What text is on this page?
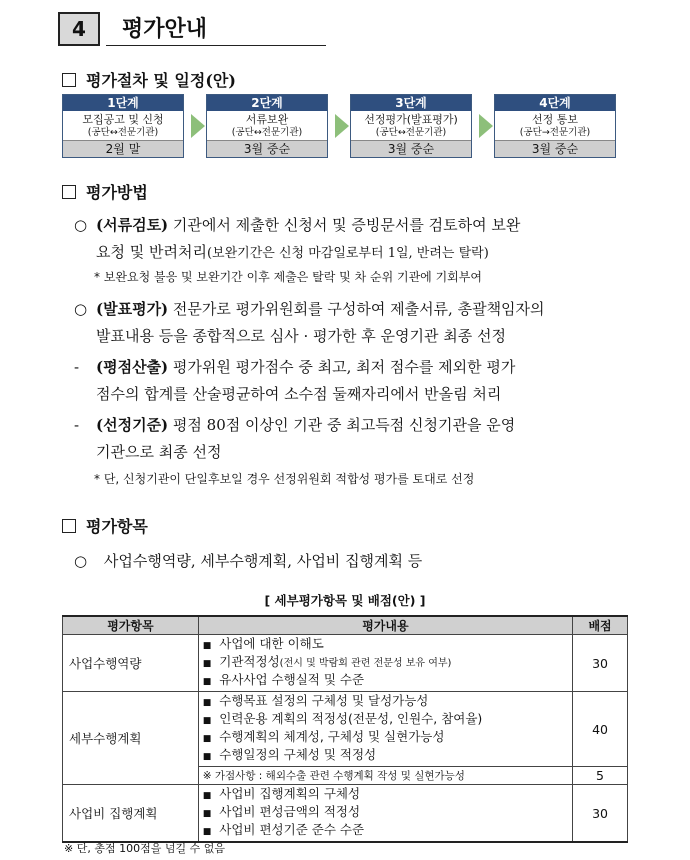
4	평가안내
평가절차 및 일정(안)
1단계
모집공고 및 신청
(공단↔전문기관)
2월 말
2단계
서류보완
(공단↔전문기관)
3월 중순
3단계
선정평가(발표평가)
(공단↔전문기관)
3월 중순
4단계
선정 통보
(공단→전문기관)
3월 중순
평가방법
○ (서류검토) 기관에서 제출한 신청서 및 증빙문서를 검토하여 보완
요청 및 반려처리(보완기간은 신청 마감일로부터 1일, 반려는 탈락)
* 보완요청 불응 및 보완기간 이후 제출은 탈락 및 차 순위 기관에 기회부여
○ (발표평가) 전문가로 평가위원회를 구성하여 제출서류, 총괄책임자의
발표내용 등을 종합적으로 심사 · 평가한 후 운영기관 최종 선정
- (평점산출) 평가위원 평가점수 중 최고, 최저 점수를 제외한 평가
점수의 합계를 산술평균하여 소수점 둘째자리에서 반올림 처리
- (선정기준) 평점 80점 이상인 기관 중 최고득점 신청기관을 운영
기관으로 최종 선정
* 단, 신청기관이 단일후보일 경우 선정위원회 적합성 평가를 토대로 선정
평가항목
○ 사업수행역량, 세부수행계획, 사업비 집행계획 등
[ 세부평가항목 및 배점(안) ]
평가항목	평가내용	배점
사업수행역량	■ 사업에 대한 이해도
■ 기관적정성(전시 및 박람회 관련 전문성 보유 여부)
■ 유사사업 수행실적 및 수준	30
세부수행계획	■ 수행목표 설정의 구체성 및 달성가능성
■ 인력운용 계획의 적정성(전문성, 인원수, 참여율)
■ 수행계획의 체계성, 구체성 및 실현가능성
■ 수행일정의 구체성 및 적정성	40
	※ 가점사항 : 해외수출 관련 수행계획 작성 및 실현가능성	5
사업비 집행계획	■ 사업비 집행계획의 구체성
■ 사업비 편성금액의 적정성
■ 사업비 편성기준 준수 수준	30
※ 단, 총점 100점을 넘길 수 없음
